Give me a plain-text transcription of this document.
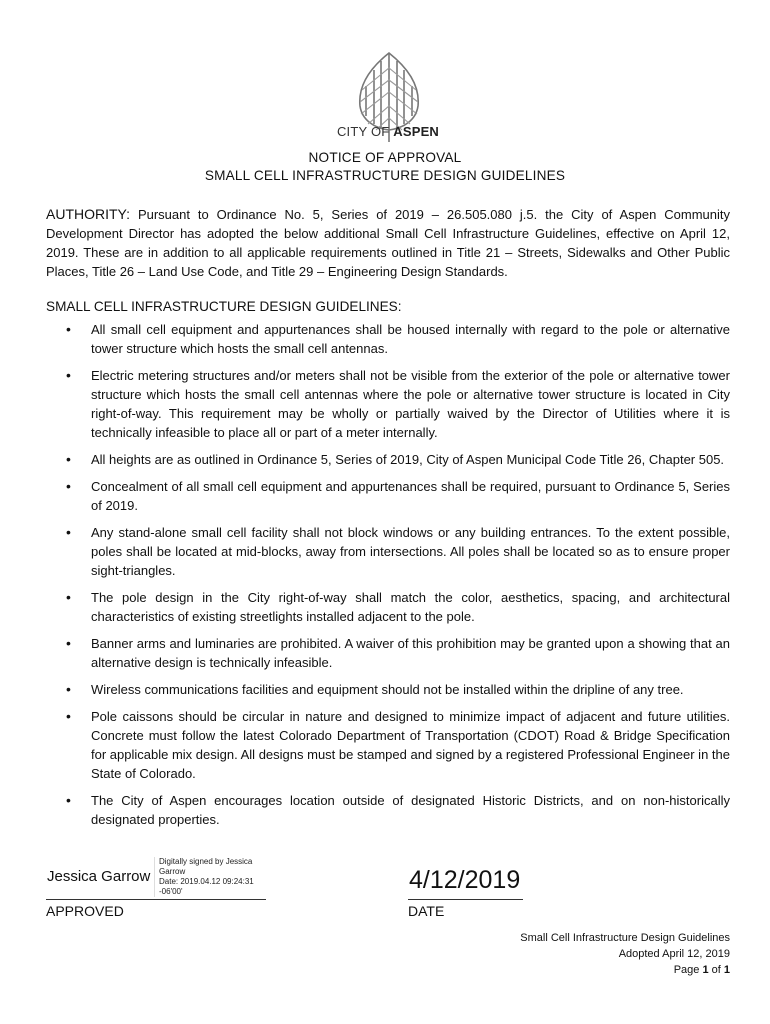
CITY OF ASPEN
NOTICE OF APPROVAL
SMALL CELL INFRASTRUCTURE DESIGN GUIDELINES
AUTHORITY: Pursuant to Ordinance No. 5, Series of 2019 – 26.505.080 j.5. the City of Aspen Community Development Director has adopted the below additional Small Cell Infrastructure Guidelines, effective on April 12, 2019. These are in addition to all applicable requirements outlined in Title 21 – Streets, Sidewalks and Other Public Places, Title 26 – Land Use Code, and Title 29 – Engineering Design Standards.
SMALL CELL INFRASTRUCTURE DESIGN GUIDELINES:
• All small cell equipment and appurtenances shall be housed internally with regard to the pole or alternative tower structure which hosts the small cell antennas.
• Electric metering structures and/or meters shall not be visible from the exterior of the pole or alternative tower structure which hosts the small cell antennas where the pole or alternative tower structure is located in City right-of-way. This requirement may be wholly or partially waived by the Director of Utilities where it is technically infeasible to place all or part of a meter internally.
• All heights are as outlined in Ordinance 5, Series of 2019, City of Aspen Municipal Code Title 26, Chapter 505.
• Concealment of all small cell equipment and appurtenances shall be required, pursuant to Ordinance 5, Series of 2019.
• Any stand-alone small cell facility shall not block windows or any building entrances. To the extent possible, poles shall be located at mid-blocks, away from intersections. All poles shall be located so as to ensure proper sight-triangles.
• The pole design in the City right-of-way shall match the color, aesthetics, spacing, and architectural characteristics of existing streetlights installed adjacent to the pole.
• Banner arms and luminaries are prohibited. A waiver of this prohibition may be granted upon a showing that an alternative design is technically infeasible.
• Wireless communications facilities and equipment should not be installed within the dripline of any tree.
• Pole caissons should be circular in nature and designed to minimize impact of adjacent and future utilities. Concrete must follow the latest Colorado Department of Transportation (CDOT) Road & Bridge Specification for applicable mix design. All designs must be stamped and signed by a registered Professional Engineer in the State of Colorado.
• The City of Aspen encourages location outside of designated Historic Districts, and on non-historically designated properties.
Jessica Garrow
Digitally signed by Jessica
Garrow
Date: 2019.04.12 09:24:31
-06'00'	4/12/2019
APPROVED	DATE
Small Cell Infrastructure Design Guidelines
Adopted April 12, 2019
Page 1 of 1
